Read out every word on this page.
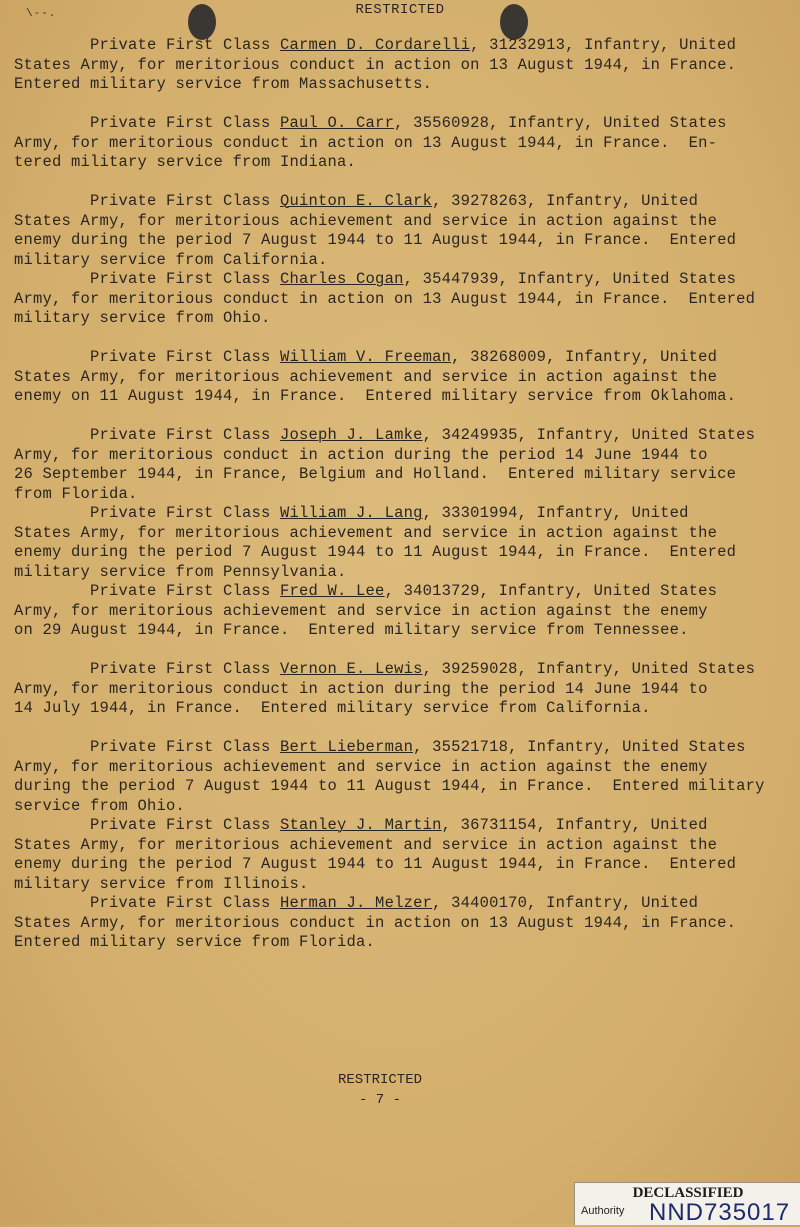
\--.	RESTRICTED
Private First Class Carmen D. Cordarelli, 31232913, Infantry, United
States Army, for meritorious conduct in action on 13 August 1944, in France.
Entered military service from Massachusetts.
Private First Class Paul O. Carr, 35560928, Infantry, United States
Army, for meritorious conduct in action on 13 August 1944, in France.  En-
tered military service from Indiana.
Private First Class Quinton E. Clark, 39278263, Infantry, United
States Army, for meritorious achievement and service in action against the
enemy during the period 7 August 1944 to 11 August 1944, in France.  Entered
military service from California.
Private First Class Charles Cogan, 35447939, Infantry, United States
Army, for meritorious conduct in action on 13 August 1944, in France.  Entered
military service from Ohio.
Private First Class William V. Freeman, 38268009, Infantry, United
States Army, for meritorious achievement and service in action against the
enemy on 11 August 1944, in France.  Entered military service from Oklahoma.
Private First Class Joseph J. Lamke, 34249935, Infantry, United States
Army, for meritorious conduct in action during the period 14 June 1944 to
26 September 1944, in France, Belgium and Holland.  Entered military service
from Florida.
Private First Class William J. Lang, 33301994, Infantry, United
States Army, for meritorious achievement and service in action against the
enemy during the period 7 August 1944 to 11 August 1944, in France.  Entered
military service from Pennsylvania.
Private First Class Fred W. Lee, 34013729, Infantry, United States
Army, for meritorious achievement and service in action against the enemy
on 29 August 1944, in France.  Entered military service from Tennessee.
Private First Class Vernon E. Lewis, 39259028, Infantry, United States
Army, for meritorious conduct in action during the period 14 June 1944 to
14 July 1944, in France.  Entered military service from California.
Private First Class Bert Lieberman, 35521718, Infantry, United States
Army, for meritorious achievement and service in action against the enemy
during the period 7 August 1944 to 11 August 1944, in France.  Entered military
service from Ohio.
Private First Class Stanley J. Martin, 36731154, Infantry, United
States Army, for meritorious achievement and service in action against the
enemy during the period 7 August 1944 to 11 August 1944, in France.  Entered
military service from Illinois.
Private First Class Herman J. Melzer, 34400170, Infantry, United
States Army, for meritorious conduct in action on 13 August 1944, in France.
Entered military service from Florida.
RESTRICTED
- 7 -
DECLASSIFIED
Authority NND735017
